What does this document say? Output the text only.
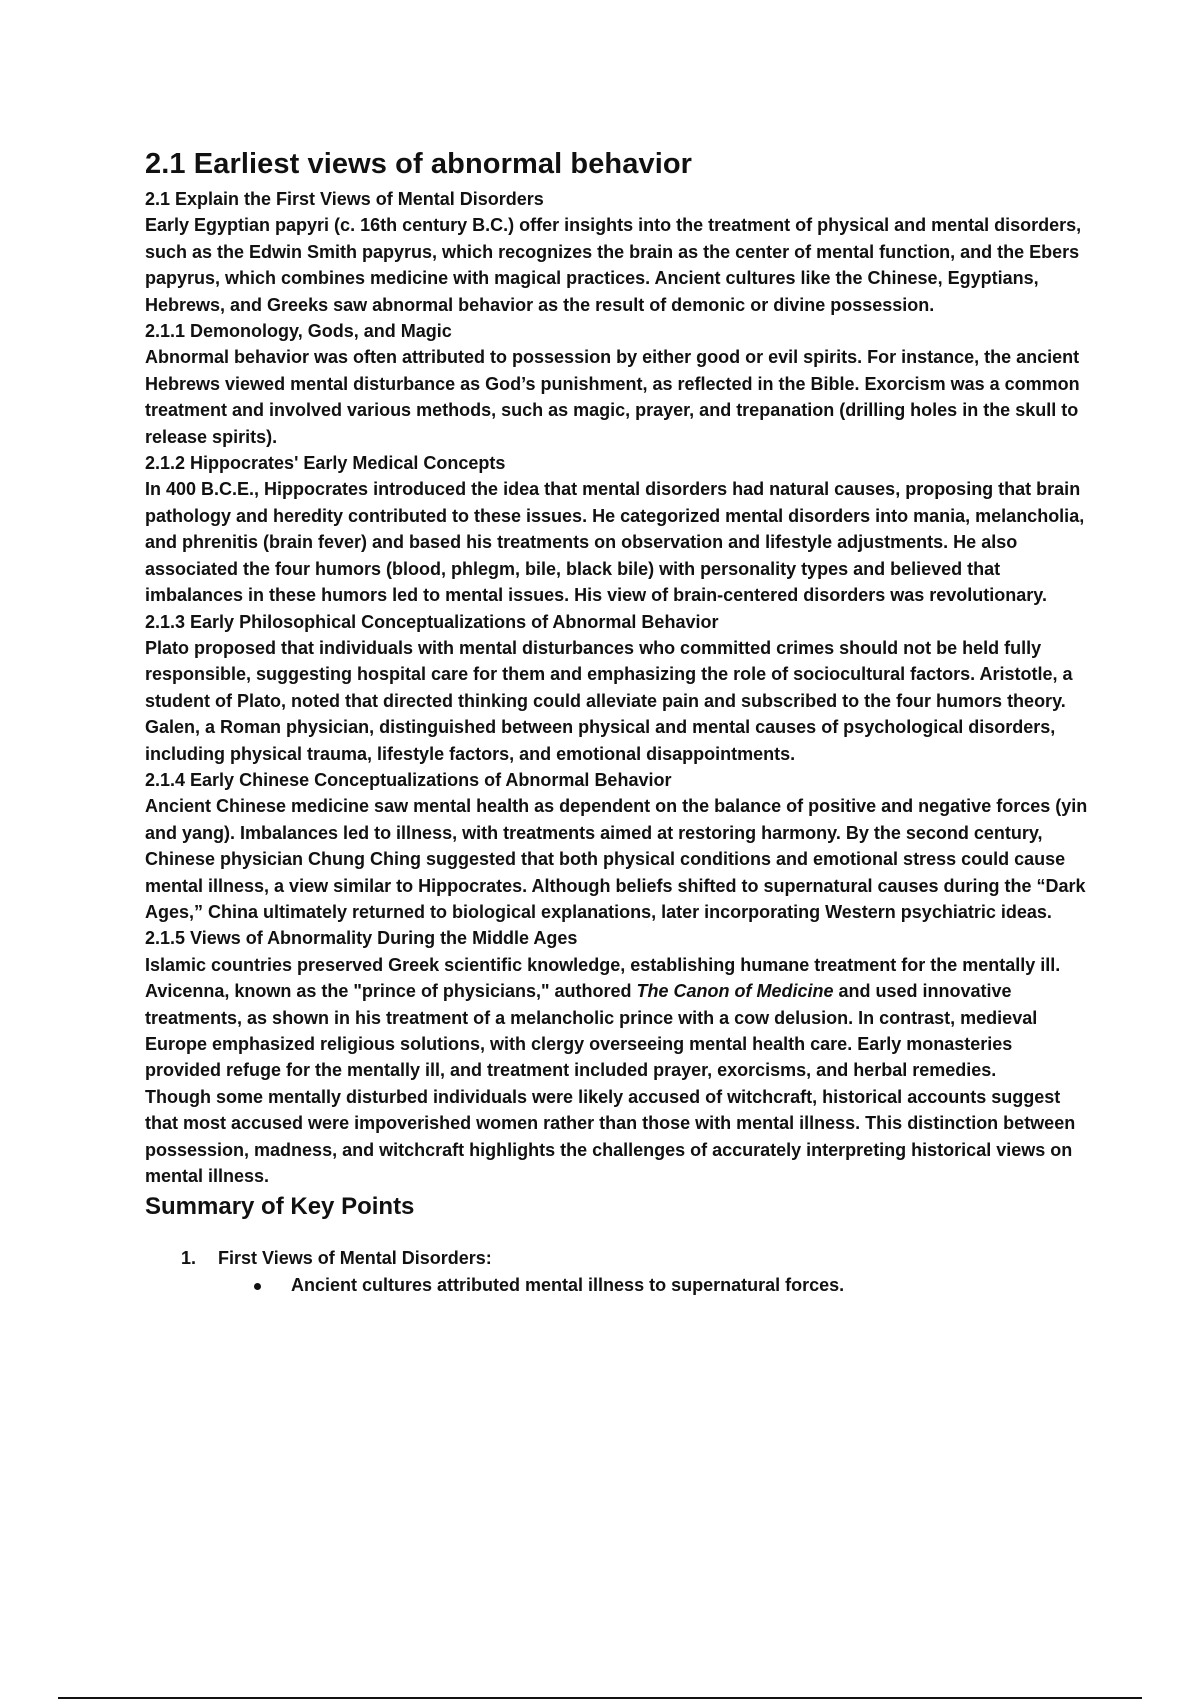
2.1 Earliest views of abnormal behavior
2.1 Explain the First Views of Mental Disorders

Early Egyptian papyri (c. 16th century B.C.) offer insights into the treatment of physical and mental disorders, such as the Edwin Smith papyrus, which recognizes the brain as the center of mental function, and the Ebers papyrus, which combines medicine with magical practices. Ancient cultures like the Chinese, Egyptians, Hebrews, and Greeks saw abnormal behavior as the result of demonic or divine possession.

2.1.1 Demonology, Gods, and Magic

Abnormal behavior was often attributed to possession by either good or evil spirits. For instance, the ancient Hebrews viewed mental disturbance as God’s punishment, as reflected in the Bible. Exorcism was a common treatment and involved various methods, such as magic, prayer, and trepanation (drilling holes in the skull to release spirits).

2.1.2 Hippocrates' Early Medical Concepts

In 400 B.C.E., Hippocrates introduced the idea that mental disorders had natural causes, proposing that brain pathology and heredity contributed to these issues. He categorized mental disorders into mania, melancholia, and phrenitis (brain fever) and based his treatments on observation and lifestyle adjustments. He also associated the four humors (blood, phlegm, bile, black bile) with personality types and believed that imbalances in these humors led to mental issues. His view of brain-centered disorders was revolutionary.

2.1.3 Early Philosophical Conceptualizations of Abnormal Behavior

Plato proposed that individuals with mental disturbances who committed crimes should not be held fully responsible, suggesting hospital care for them and emphasizing the role of sociocultural factors. Aristotle, a student of Plato, noted that directed thinking could alleviate pain and subscribed to the four humors theory. Galen, a Roman physician, distinguished between physical and mental causes of psychological disorders, including physical trauma, lifestyle factors, and emotional disappointments.

2.1.4 Early Chinese Conceptualizations of Abnormal Behavior

Ancient Chinese medicine saw mental health as dependent on the balance of positive and negative forces (yin and yang). Imbalances led to illness, with treatments aimed at restoring harmony. By the second century, Chinese physician Chung Ching suggested that both physical conditions and emotional stress could cause mental illness, a view similar to Hippocrates. Although beliefs shifted to supernatural causes during the “Dark Ages,” China ultimately returned to biological explanations, later incorporating Western psychiatric ideas.

2.1.5 Views of Abnormality During the Middle Ages

Islamic countries preserved Greek scientific knowledge, establishing humane treatment for the mentally ill. Avicenna, known as the "prince of physicians," authored The Canon of Medicine and used innovative treatments, as shown in his treatment of a melancholic prince with a cow delusion. In contrast, medieval Europe emphasized religious solutions, with clergy overseeing mental health care. Early monasteries provided refuge for the mentally ill, and treatment included prayer, exorcisms, and herbal remedies.

Though some mentally disturbed individuals were likely accused of witchcraft, historical accounts suggest that most accused were impoverished women rather than those with mental illness. This distinction between possession, madness, and witchcraft highlights the challenges of accurately interpreting historical views on mental illness.

Summary of Key Points
1. First Views of Mental Disorders:
Ancient cultures attributed mental illness to supernatural forces.
